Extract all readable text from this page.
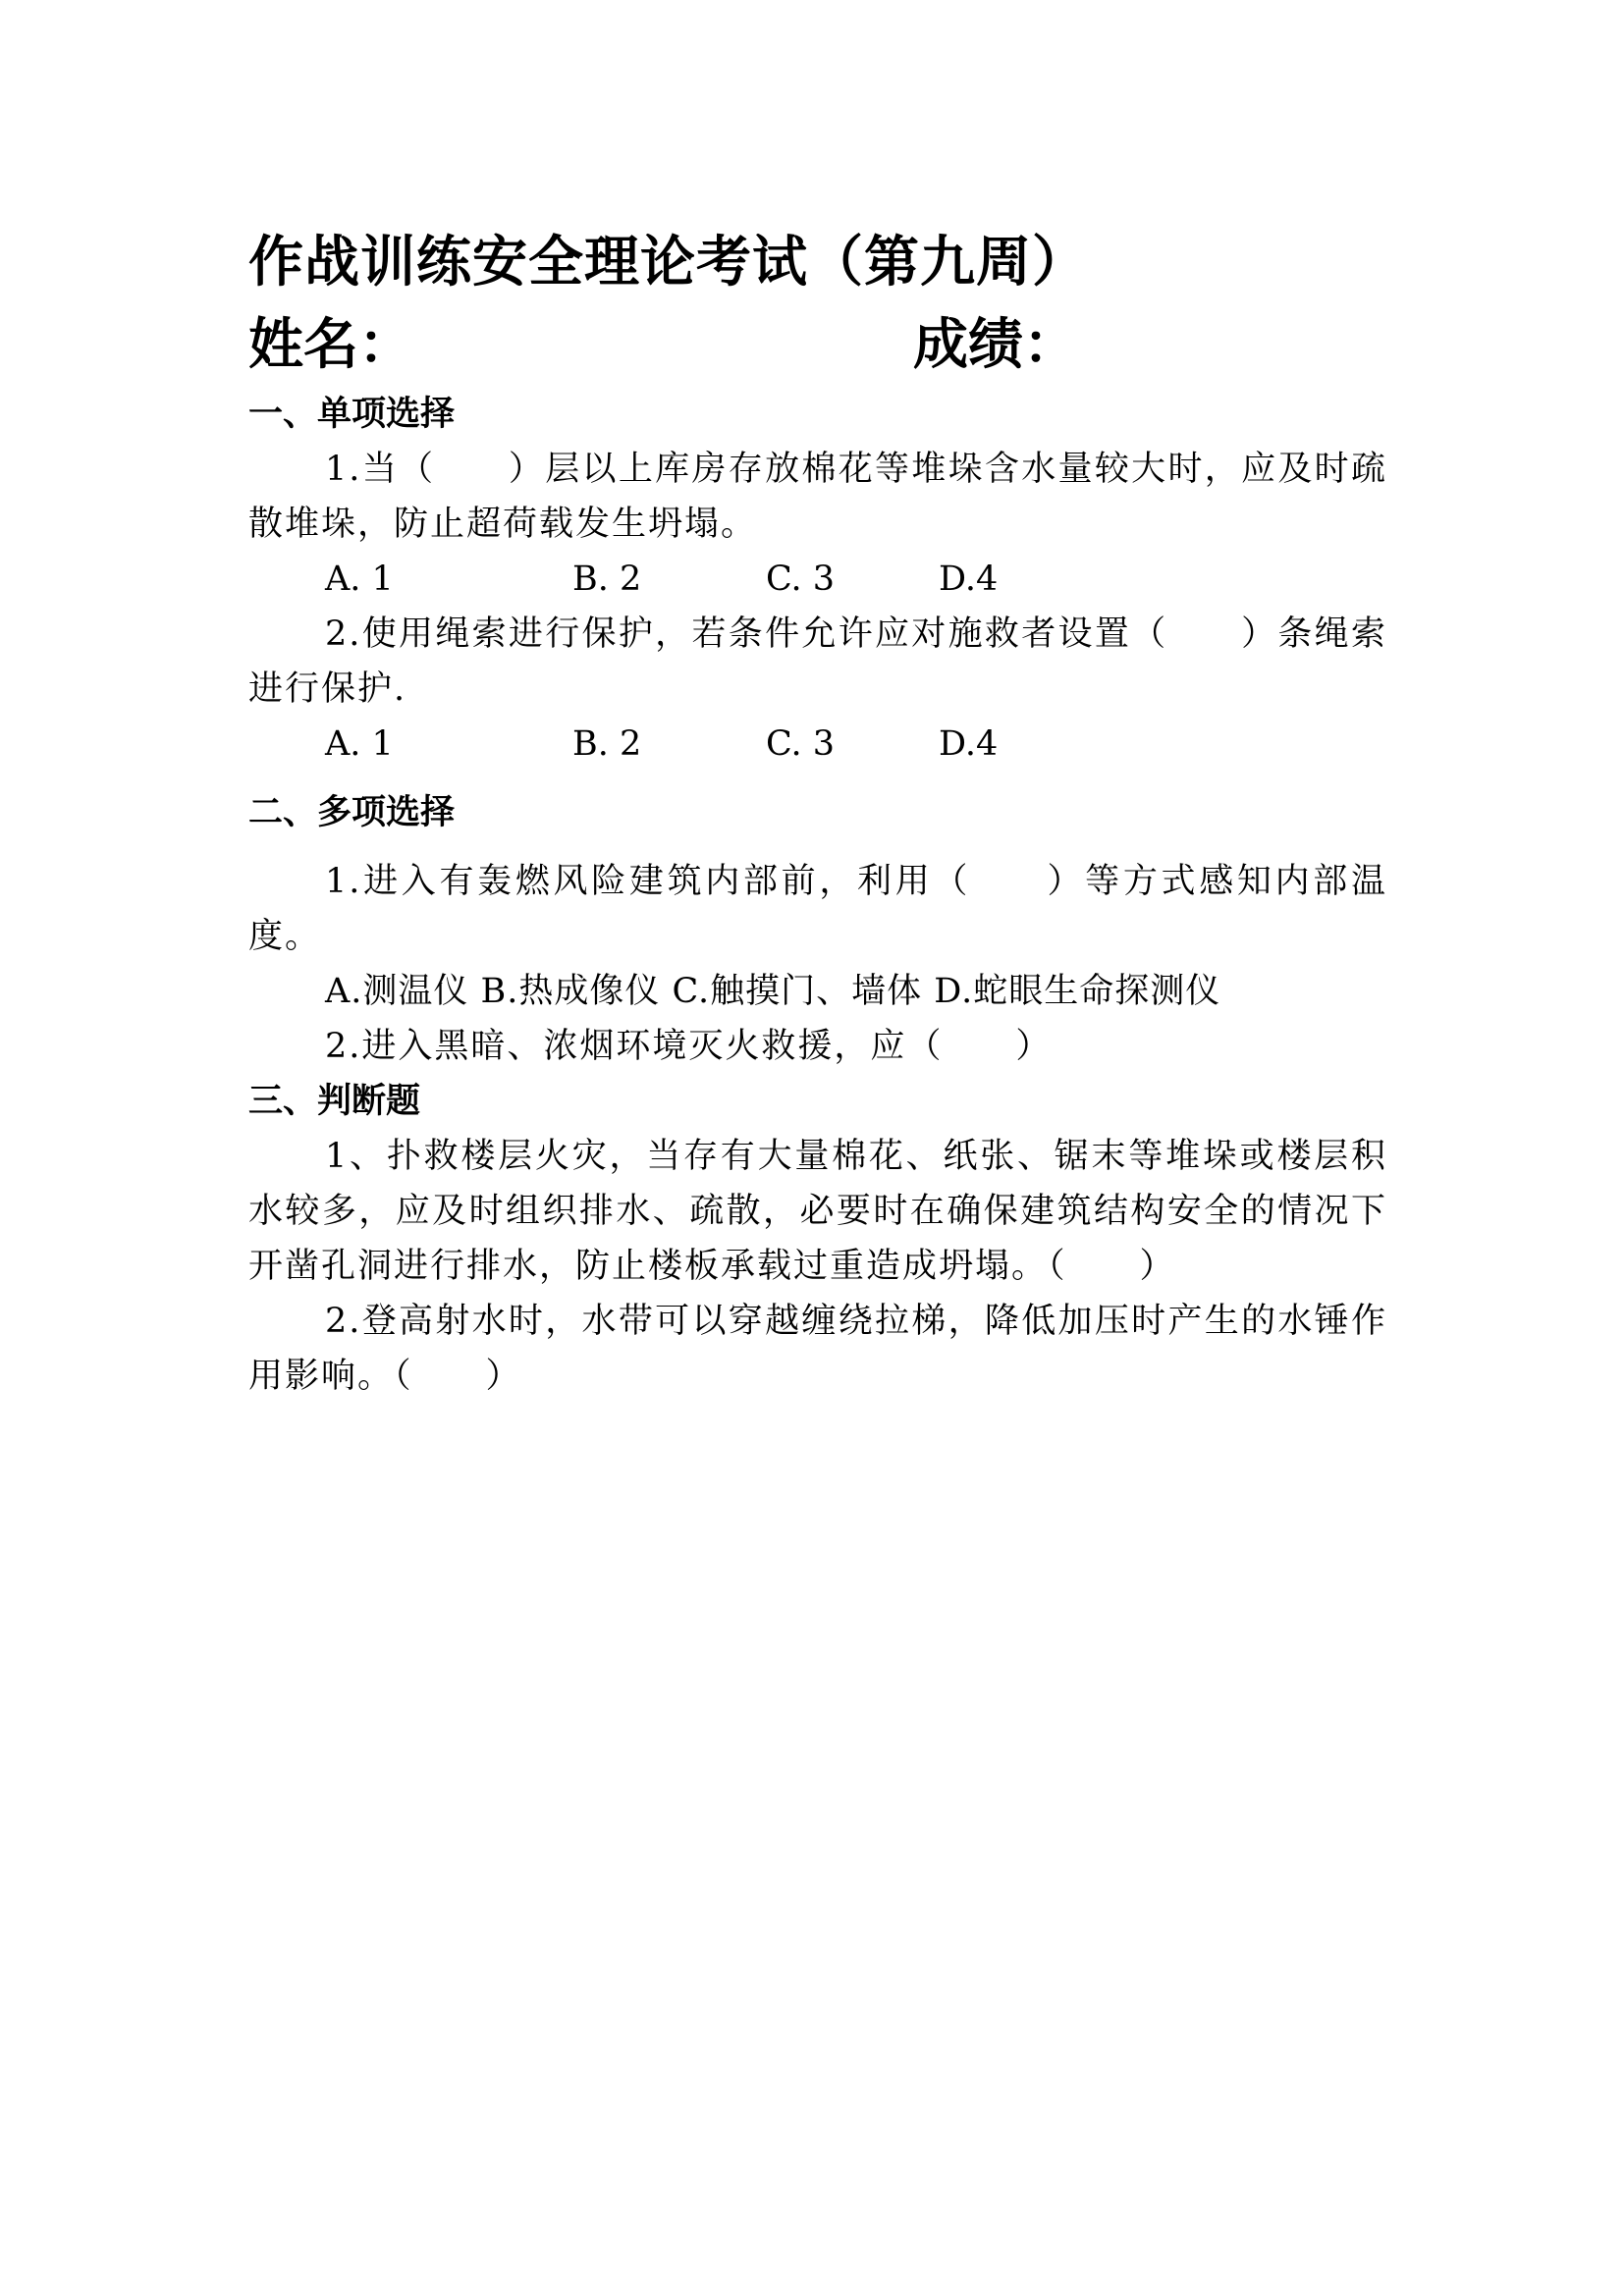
作战训练安全理论考试（第九周）
姓名：	成绩：
一、单项选择
1.当（　　）层以上库房存放棉花等堆垛含水量较大时，应及时疏散堆垛，防止超荷载发生坍塌。
A. 1	B. 2	C. 3	D.4
2.使用绳索进行保护，若条件允许应对施救者设置（　　）条绳索进行保护.
A. 1	B. 2	C. 3	D.4
二、多项选择
1.进入有轰燃风险建筑内部前，利用（　　）等方式感知内部温度。
A.测温仪 B.热成像仪 C.触摸门、墙体 D.蛇眼生命探测仪
2.进入黑暗、浓烟环境灭火救援，应（　　）
三、判断题
1、扑救楼层火灾，当存有大量棉花、纸张、锯末等堆垛或楼层积水较多，应及时组织排水、疏散，必要时在确保建筑结构安全的情况下开凿孔洞进行排水，防止楼板承载过重造成坍塌。（　　）
2.登高射水时，水带可以穿越缠绕拉梯，降低加压时产生的水锤作用影响。（　　）
